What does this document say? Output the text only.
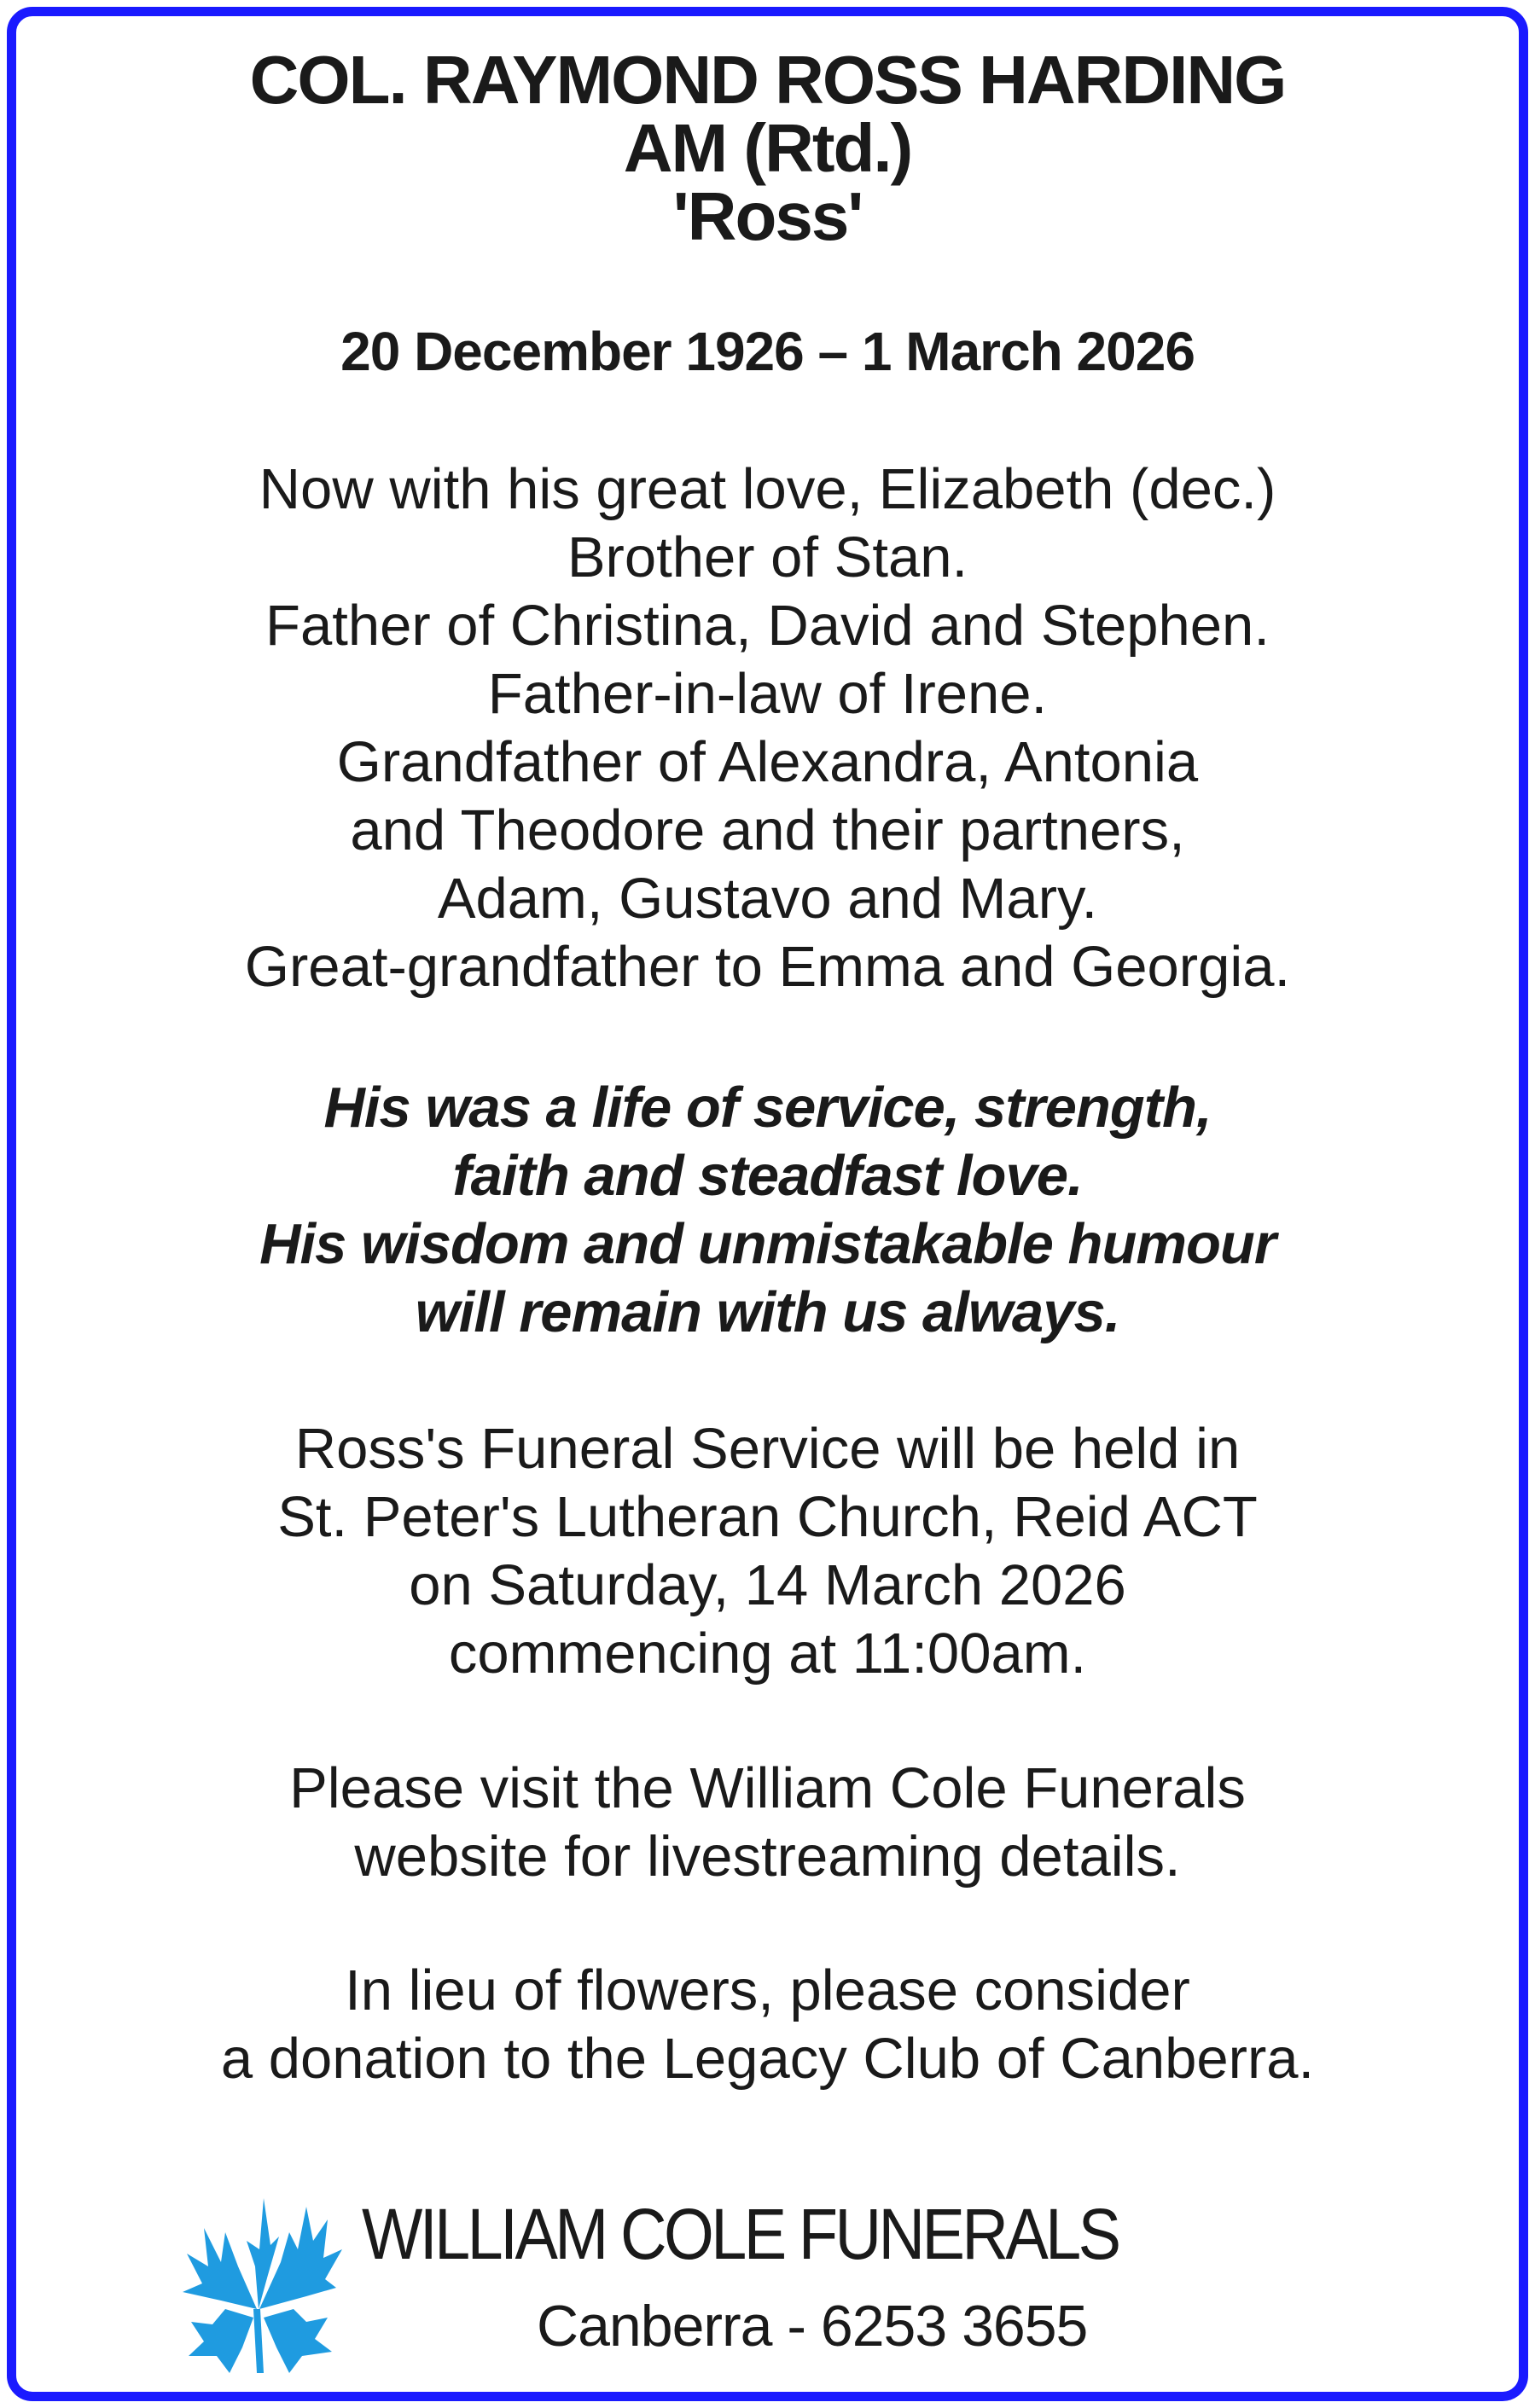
COL. RAYMOND ROSS HARDING
AM (Rtd.)
'Ross'
20 December 1926 – 1 March 2026
Now with his great love, Elizabeth (dec.)
Brother of Stan.
Father of Christina, David and Stephen.
Father-in-law of Irene.
Grandfather of Alexandra, Antonia
and Theodore and their partners,
Adam, Gustavo and Mary.
Great-grandfather to Emma and Georgia.
His was a life of service, strength,
faith and steadfast love.
His wisdom and unmistakable humour
will remain with us always.
Ross's Funeral Service will be held in
St. Peter's Lutheran Church, Reid ACT
on Saturday, 14 March 2026
commencing at 11:00am.
Please visit the William Cole Funerals
website for livestreaming details.
In lieu of flowers, please consider
a donation to the Legacy Club of Canberra.
WILLIAM COLE FUNERALS
Canberra - 6253 3655
